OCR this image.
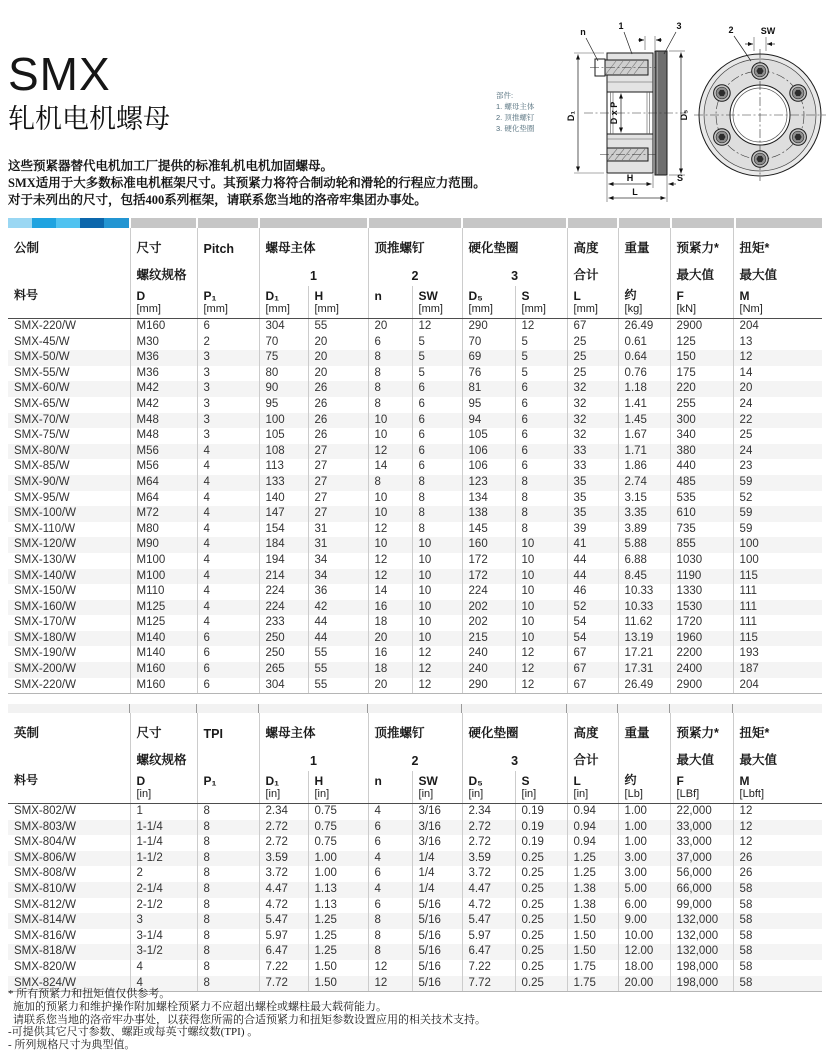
SMX
轧机电机螺母
这些预紧器替代电机加工厂提供的标准轧机电机加固螺母。
SMX适用于大多数标准电机框架尺寸。其预紧力将符合制动轮和滑轮的行程应力范围。
对于未列出的尺寸，包括400系列框架，请联系您当地的洛帝牢集团办事处。
部件:
1. 螺母主体
2. 顶推螺钉
3. 硬化垫圈
D₁	D x P	D₅
H	S
L
n
1	3	SW
2
公制	尺寸	Pitch	螺母主体		顶推螺钉		硬化垫圈		高度	重量	预紧力*	扭矩*
	螺纹规格		1		2		3		合计		最大值	最大值
料号	D	P₁	D₁	H	n	SW	D₅	S	L	约	F	M
	[mm]	[mm]	[mm]	[mm]		[mm]	[mm]	[mm]	[mm]	[kg]	[kN]	[Nm]
SMX-220/W	M160	6	304	55	20	12	290	12	67	26.49	2900	204
SMX-45/W	M30	2	70	20	6	5	70	5	25	0.61	125	13
SMX-50/W	M36	3	75	20	8	5	69	5	25	0.64	150	12
SMX-55/W	M36	3	80	20	8	5	76	5	25	0.76	175	14
SMX-60/W	M42	3	90	26	8	6	81	6	32	1.18	220	20
SMX-65/W	M42	3	95	26	8	6	95	6	32	1.41	255	24
SMX-70/W	M48	3	100	26	10	6	94	6	32	1.45	300	22
SMX-75/W	M48	3	105	26	10	6	105	6	32	1.67	340	25
SMX-80/W	M56	4	108	27	12	6	106	6	33	1.71	380	24
SMX-85/W	M56	4	113	27	14	6	106	6	33	1.86	440	23
SMX-90/W	M64	4	133	27	8	8	123	8	35	2.74	485	59
SMX-95/W	M64	4	140	27	10	8	134	8	35	3.15	535	52
SMX-100/W	M72	4	147	27	10	8	138	8	35	3.35	610	59
SMX-110/W	M80	4	154	31	12	8	145	8	39	3.89	735	59
SMX-120/W	M90	4	184	31	10	10	160	10	41	5.88	855	100
SMX-130/W	M100	4	194	34	12	10	172	10	44	6.88	1030	100
SMX-140/W	M100	4	214	34	12	10	172	10	44	8.45	1190	115
SMX-150/W	M110	4	224	36	14	10	224	10	46	10.33	1330	111
SMX-160/W	M125	4	224	42	16	10	202	10	52	10.33	1530	111
SMX-170/W	M125	4	233	44	18	10	202	10	54	11.62	1720	111
SMX-180/W	M140	6	250	44	20	10	215	10	54	13.19	1960	115
SMX-190/W	M140	6	250	55	16	12	240	12	67	17.21	2200	193
SMX-200/W	M160	6	265	55	18	12	240	12	67	17.31	2400	187
SMX-220/W	M160	6	304	55	20	12	290	12	67	26.49	2900	204
英制	尺寸	TPI	螺母主体		顶推螺钉		硬化垫圈		高度	重量	预紧力*	扭矩*
	螺纹规格		1		2		3		合计		最大值	最大值
料号	D	P₁	D₁	H	n	SW	D₅	S	L	约	F	M
	[in]		[in]	[in]		[in]	[in]	[in]	[in]	[Lb]	[LBf]	[Lbft]
SMX-802/W	1	8	2.34	0.75	4	3/16	2.34	0.19	0.94	1.00	22,000	12
SMX-803/W	1-1/4	8	2.72	0.75	6	3/16	2.72	0.19	0.94	1.00	33,000	12
SMX-804/W	1-1/4	8	2.72	0.75	6	3/16	2.72	0.19	0.94	1.00	33,000	12
SMX-806/W	1-1/2	8	3.59	1.00	4	1/4	3.59	0.25	1.25	3.00	37,000	26
SMX-808/W	2	8	3.72	1.00	6	1/4	3.72	0.25	1.25	3.00	56,000	26
SMX-810/W	2-1/4	8	4.47	1.13	4	1/4	4.47	0.25	1.38	5.00	66,000	58
SMX-812/W	2-1/2	8	4.72	1.13	6	5/16	4.72	0.25	1.38	6.00	99,000	58
SMX-814/W	3	8	5.47	1.25	8	5/16	5.47	0.25	1.50	9.00	132,000	58
SMX-816/W	3-1/4	8	5.97	1.25	8	5/16	5.97	0.25	1.50	10.00	132,000	58
SMX-818/W	3-1/2	8	6.47	1.25	8	5/16	6.47	0.25	1.50	12.00	132,000	58
SMX-820/W	4	8	7.22	1.50	12	5/16	7.22	0.25	1.75	18.00	198,000	58
SMX-824/W	4	8	7.72	1.50	12	5/16	7.72	0.25	1.75	20.00	198,000	58
* 所有预紧力和扭矩值仅供参考。
施加的预紧力和维护操作附加螺栓预紧力不应超出螺栓或螺柱最大载荷能力。
请联系您当地的洛帝牢办事处，以获得您所需的合适预紧力和扭矩参数设置应用的相关技术支持。
-可提供其它尺寸参数、螺距或每英寸螺纹数(TPI) 。
- 所列规格尺寸为典型值。
